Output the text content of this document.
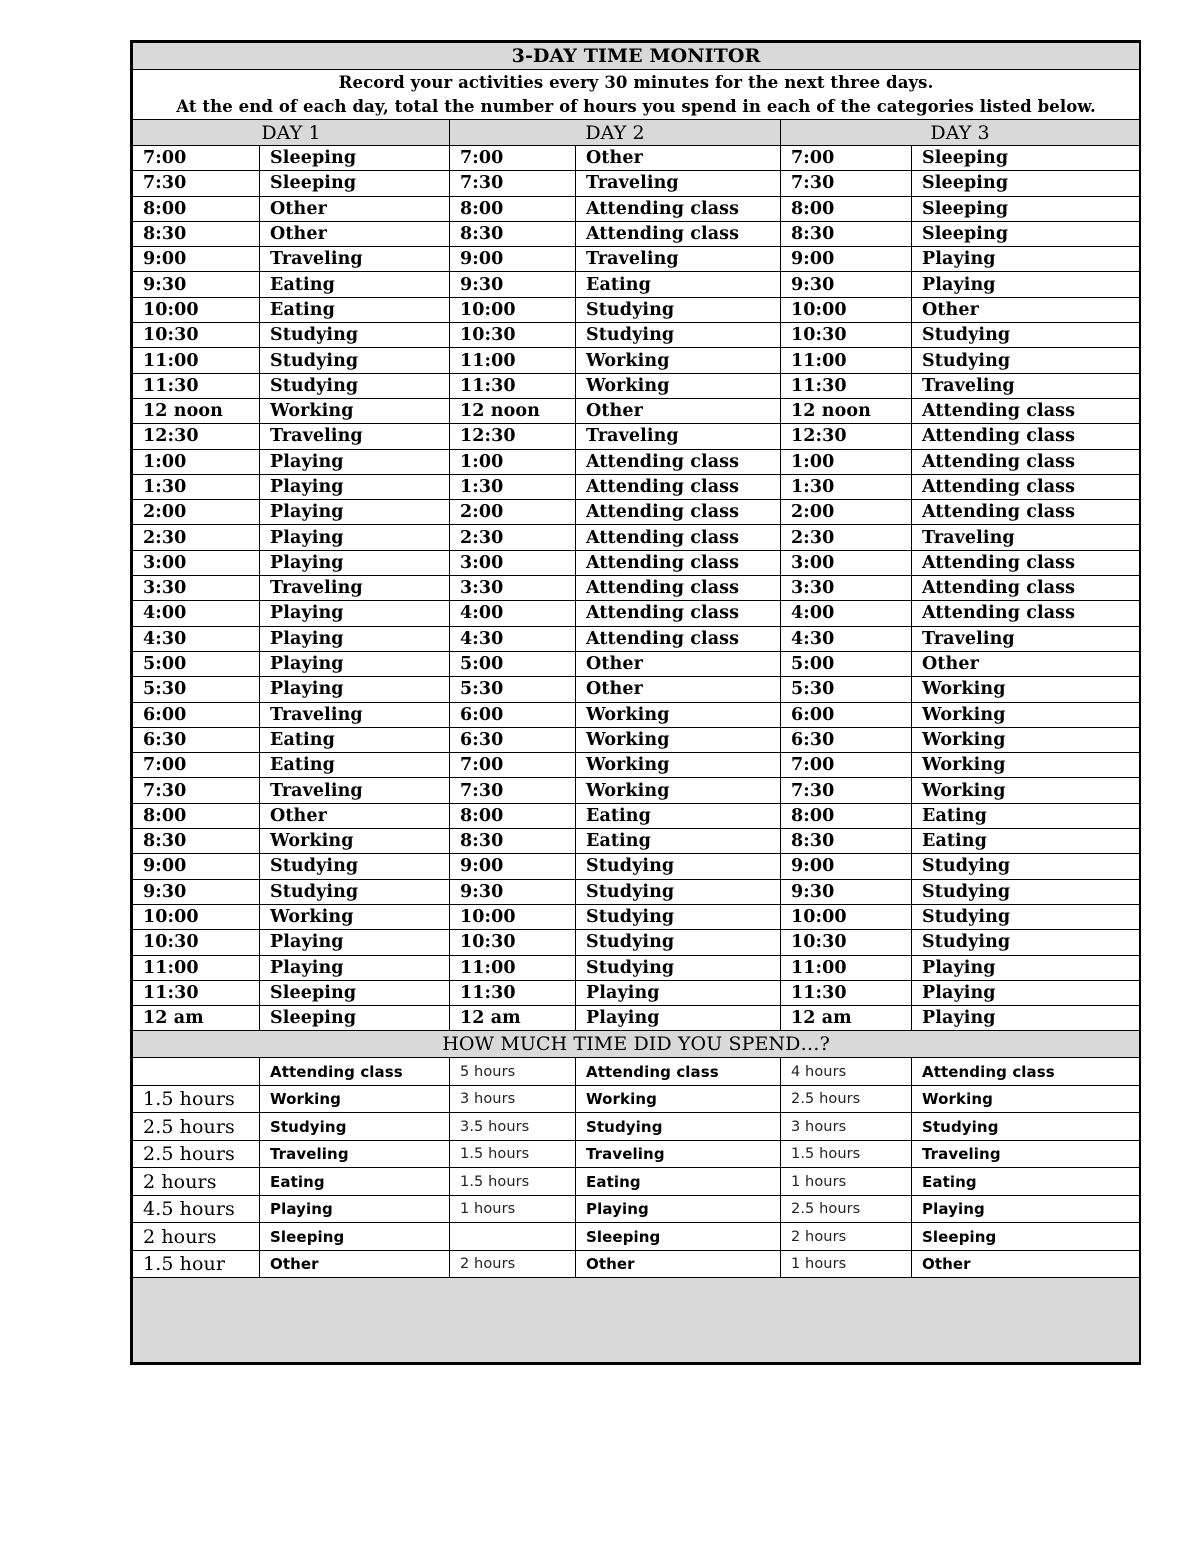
3-DAY TIME MONITOR					

Record your activities every 30 minutes for the next three days.
At the end of each day, total the number of hours you spend in each of the categories listed below.					

DAY 1		DAY 2		DAY 3	
7:00	Sleeping	7:00	Other	7:00	Sleeping
7:30	Sleeping	7:30	Traveling	7:30	Sleeping
8:00	Other	8:00	Attending class	8:00	Sleeping
8:30	Other	8:30	Attending class	8:30	Sleeping
9:00	Traveling	9:00	Traveling	9:00	Playing
9:30	Eating	9:30	Eating	9:30	Playing
10:00	Eating	10:00	Studying	10:00	Other
10:30	Studying	10:30	Studying	10:30	Studying
11:00	Studying	11:00	Working	11:00	Studying
11:30	Studying	11:30	Working	11:30	Traveling
12 noon	Working	12 noon	Other	12 noon	Attending class
12:30	Traveling	12:30	Traveling	12:30	Attending class
1:00	Playing	1:00	Attending class	1:00	Attending class
1:30	Playing	1:30	Attending class	1:30	Attending class
2:00	Playing	2:00	Attending class	2:00	Attending class
2:30	Playing	2:30	Attending class	2:30	Traveling
3:00	Playing	3:00	Attending class	3:00	Attending class
3:30	Traveling	3:30	Attending class	3:30	Attending class
4:00	Playing	4:00	Attending class	4:00	Attending class
4:30	Playing	4:30	Attending class	4:30	Traveling
5:00	Playing	5:00	Other	5:00	Other
5:30	Playing	5:30	Other	5:30	Working
6:00	Traveling	6:00	Working	6:00	Working
6:30	Eating	6:30	Working	6:30	Working
7:00	Eating	7:00	Working	7:00	Working
7:30	Traveling	7:30	Working	7:30	Working
8:00	Other	8:00	Eating	8:00	Eating
8:30	Working	8:30	Eating	8:30	Eating
9:00	Studying	9:00	Studying	9:00	Studying
9:30	Studying	9:30	Studying	9:30	Studying
10:00	Working	10:00	Studying	10:00	Studying
10:30	Playing	10:30	Studying	10:30	Studying
11:00	Playing	11:00	Studying	11:00	Playing
11:30	Sleeping	11:30	Playing	11:30	Playing
12 am	Sleeping	12 am	Playing	12 am	Playing
HOW MUCH TIME DID YOU SPEND…?					
	Attending class	5 hours	Attending class	4 hours	Attending class
1.5 hours	Working	3 hours	Working	2.5 hours	Working
2.5 hours	Studying	3.5 hours	Studying	3 hours	Studying
2.5 hours	Traveling	1.5 hours	Traveling	1.5 hours	Traveling
2 hours	Eating	1.5 hours	Eating	1 hours	Eating
4.5 hours	Playing	1 hours	Playing	2.5 hours	Playing
2 hours	Sleeping		Sleeping	2 hours	Sleeping
1.5 hour	Other	2 hours	Other	1 hours	Other
